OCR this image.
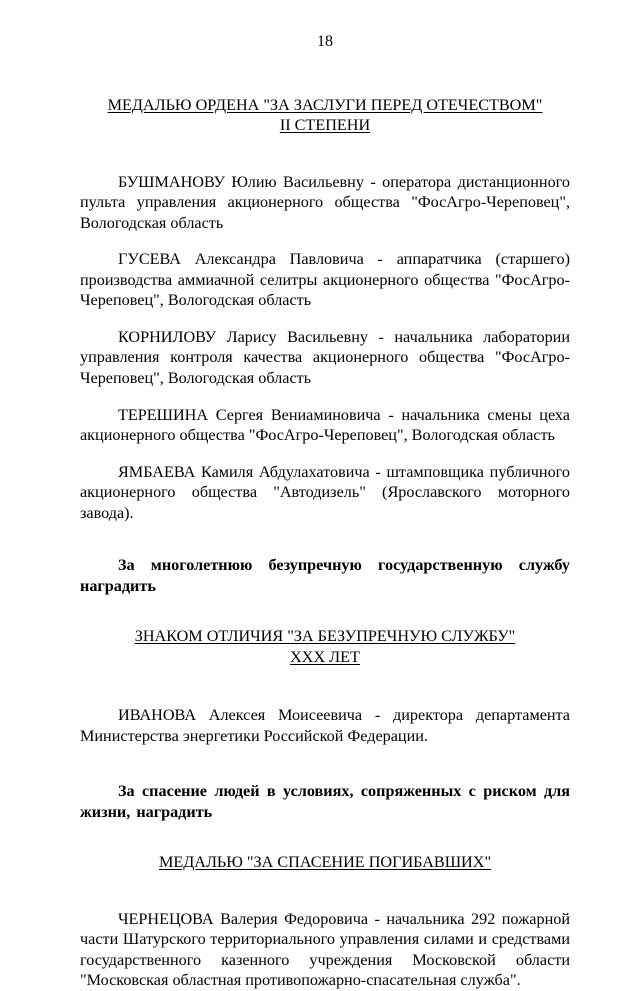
18
МЕДАЛЬЮ ОРДЕНА "ЗА ЗАСЛУГИ ПЕРЕД ОТЕЧЕСТВОМ"
II СТЕПЕНИ

БУШМАНОВУ Юлию Васильевну - оператора дистанционного пульта управления акционерного общества "ФосАгро-Череповец", Вологодская область

ГУСЕВА Александра Павловича - аппаратчика (старшего) производства аммиачной селитры акционерного общества "ФосАгро-Череповец", Вологодская область

КОРНИЛОВУ Ларису Васильевну - начальника лаборатории управления контроля качества акционерного общества "ФосАгро-Череповец", Вологодская область

ТЕРЕШИНА Сергея Вениаминовича - начальника смены цеха акционерного общества "ФосАгро-Череповец", Вологодская область

ЯМБАЕВА Камиля Абдулахатовича - штамповщика публичного акционерного общества "Автодизель" (Ярославского моторного завода).

За многолетнюю безупречную государственную службу наградить

ЗНАКОМ ОТЛИЧИЯ "ЗА БЕЗУПРЕЧНУЮ СЛУЖБУ"
XXX ЛЕТ

ИВАНОВА Алексея Моисеевича - директора департамента Министерства энергетики Российской Федерации.

За спасение людей в условиях, сопряженных с риском для жизни, наградить

МЕДАЛЬЮ "ЗА СПАСЕНИЕ ПОГИБАВШИХ"

ЧЕРНЕЦОВА Валерия Федоровича - начальника 292 пожарной части Шатурского территориального управления силами и средствами государственного казенного учреждения Московской области "Московская областная противопожарно-спасательная служба".
